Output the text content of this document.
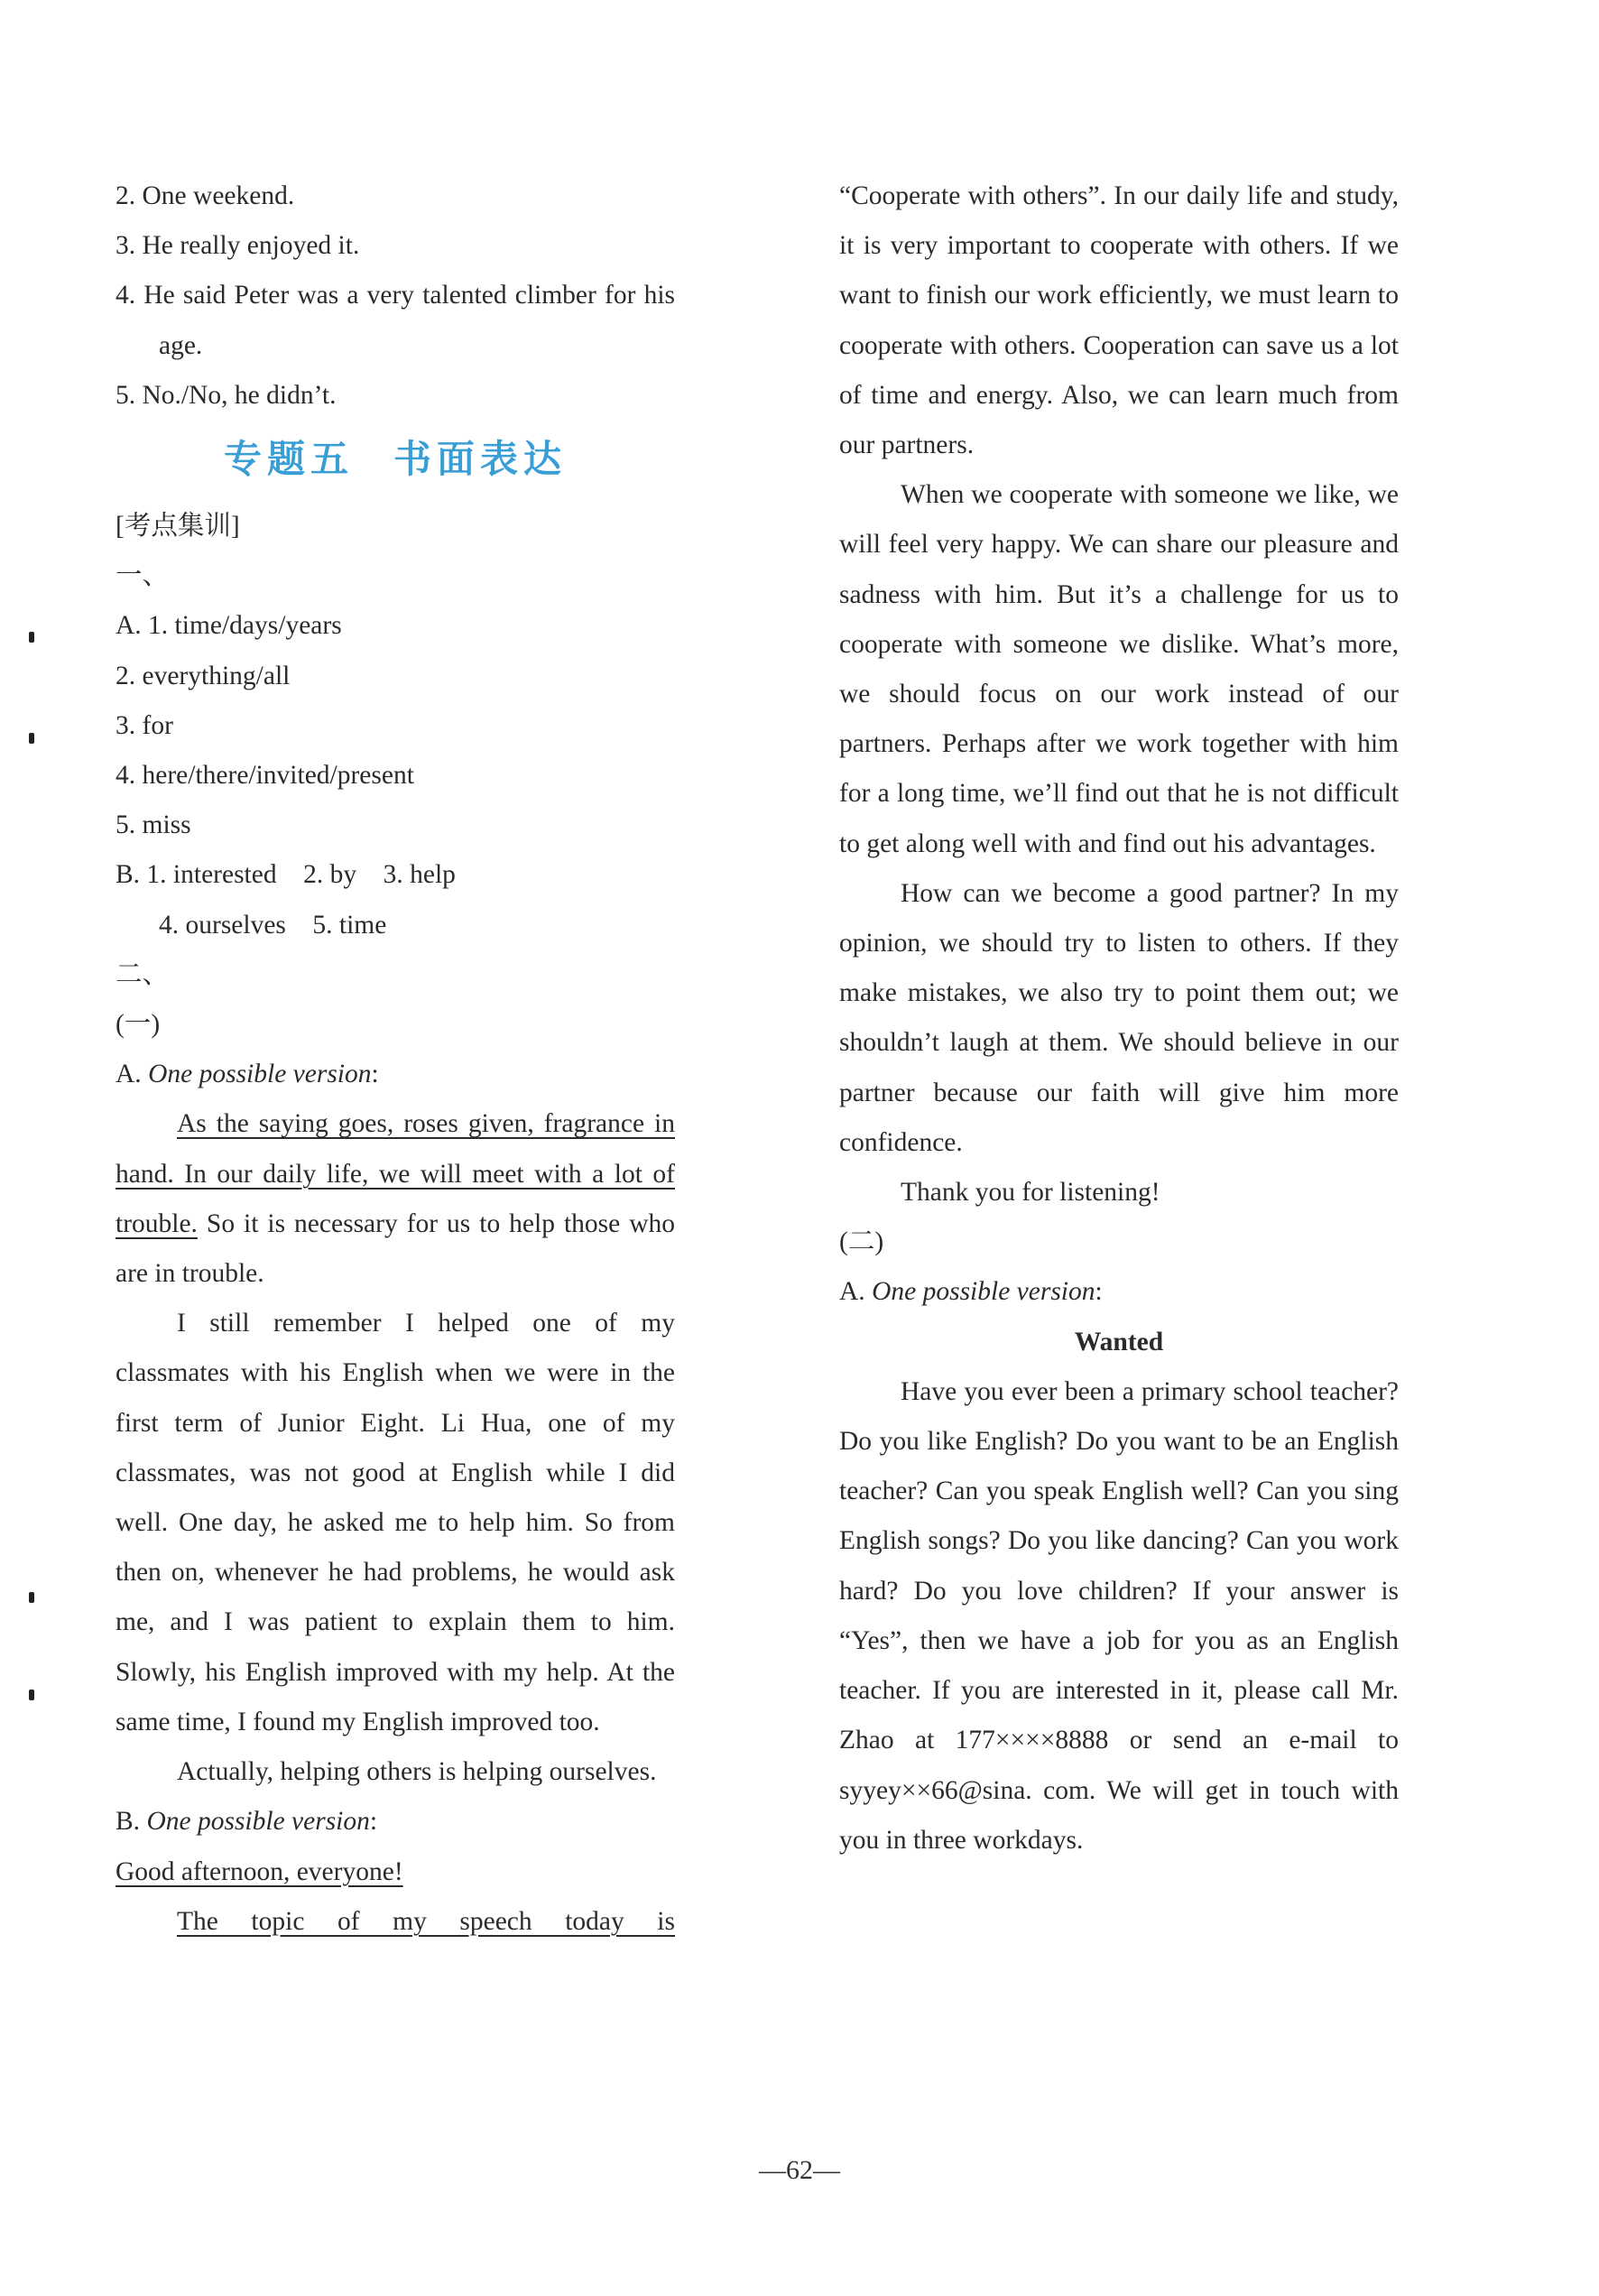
2. One weekend.

3. He really enjoyed it.

4. He said Peter was a very talented climber for his age.

5. No./No, he didn’t.

专题五 书面表达

[考点集训]

一、

A. 1. time/days/years

2. everything/all

3. for

4. here/there/invited/present

5. miss

B. 1. interested    2. by    3. help

4. ourselves    5. time

二、

(一)

A. One possible version:

As the saying goes, roses given, fragrance in hand. In our daily life, we will meet with a lot of trouble. So it is necessary for us to help those who are in trouble.

I still remember I helped one of my classmates with his English when we were in the first term of Junior Eight. Li Hua, one of my classmates, was not good at English while I did well. One day, he asked me to help him. So from then on, whenever he had problems, he would ask me, and I was patient to explain them to him. Slowly, his English improved with my help. At the same time, I found my English improved too.

Actually, helping others is helping ourselves.

B. One possible version:

Good afternoon, everyone!

The topic of my speech today is

“Cooperate with others”. In our daily life and study, it is very important to cooperate with others. If we want to finish our work efficiently, we must learn to cooperate with others. Cooperation can save us a lot of time and energy. Also, we can learn much from our partners.

When we cooperate with someone we like, we will feel very happy. We can share our pleasure and sadness with him. But it’s a challenge for us to cooperate with someone we dislike. What’s more, we should focus on our work instead of our partners. Perhaps after we work together with him for a long time, we’ll find out that he is not difficult to get along well with and find out his advantages.

How can we become a good partner? In my opinion, we should try to listen to others. If they make mistakes, we also try to point them out; we shouldn’t laugh at them. We should believe in our partner because our faith will give him more confidence.

Thank you for listening!

(二)

A. One possible version:

Wanted

Have you ever been a primary school teacher? Do you like English? Do you want to be an English teacher? Can you speak English well? Can you sing English songs? Do you like dancing? Can you work hard? Do you love children? If your answer is “Yes”, then we have a job for you as an English teacher. If you are interested in it, please call Mr. Zhao at 177××××8888 or send an e-mail to syyey××66@sina. com. We will get in touch with you in three workdays.

—62—
